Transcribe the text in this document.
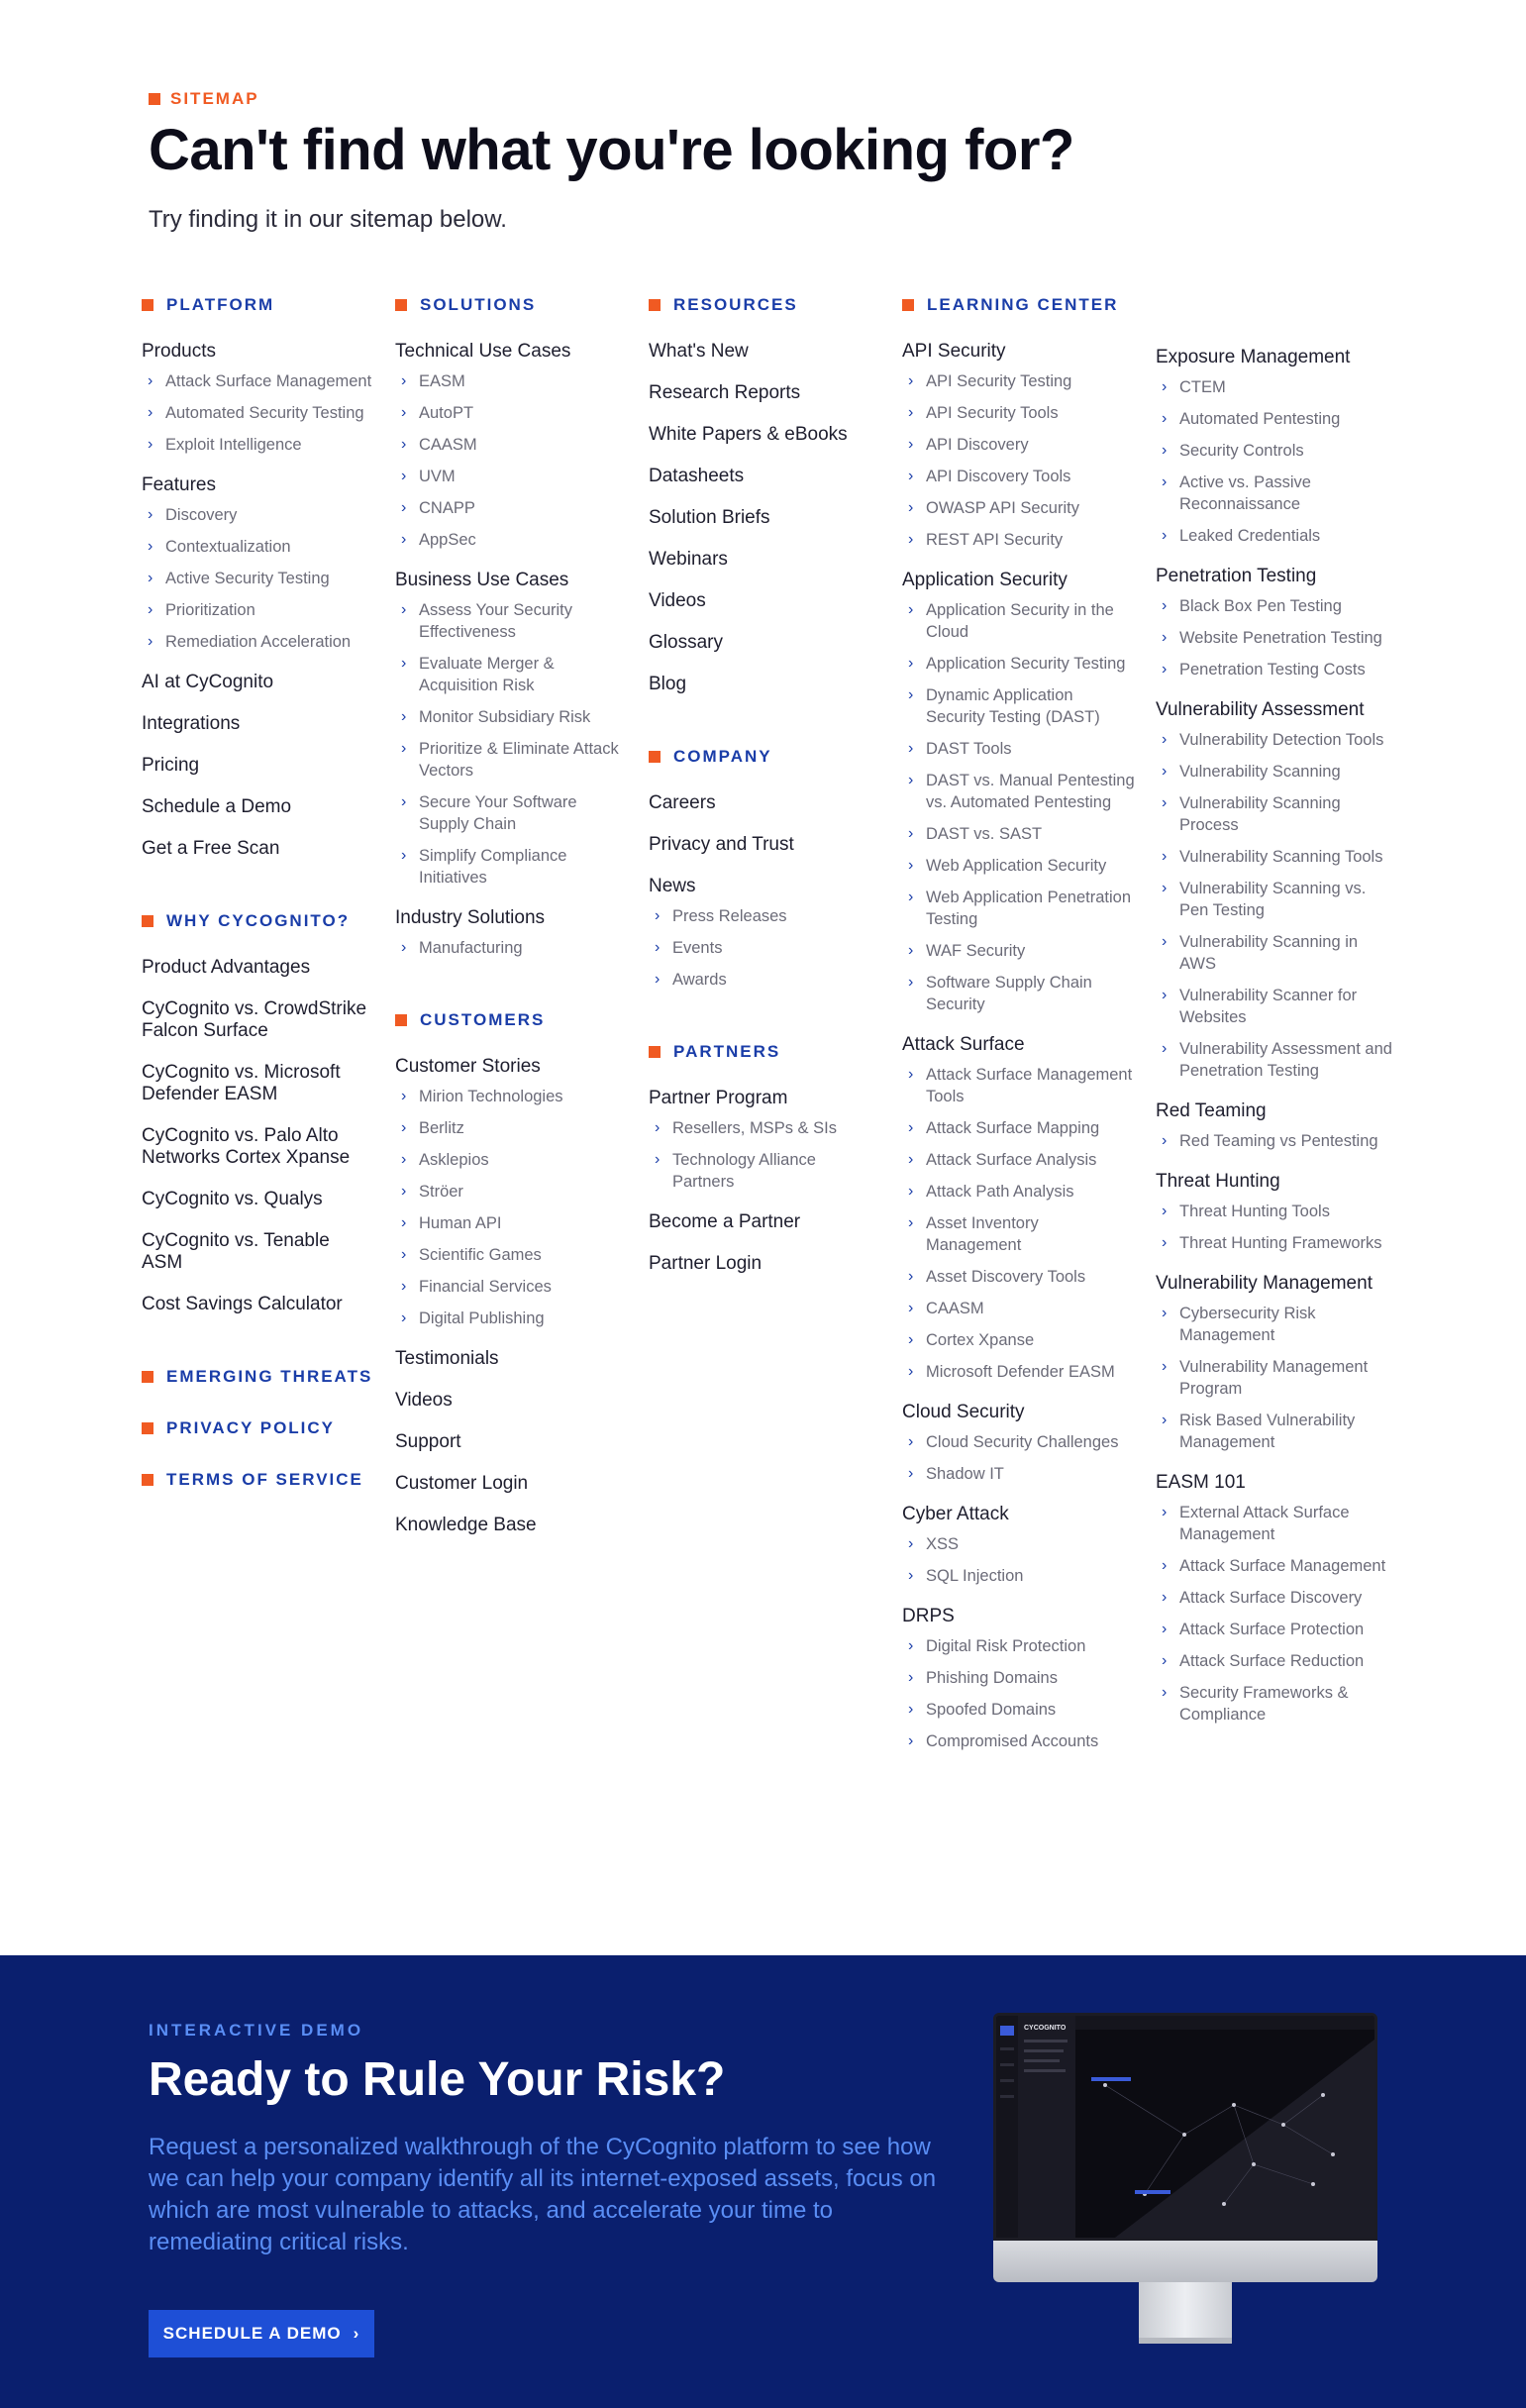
SITEMAP
Can't find what you're looking for?

Try finding it in our sitemap below.

PLATFORM
Products
› Attack Surface Management
› Automated Security Testing
› Exploit Intelligence
Features
› Discovery
› Contextualization
› Active Security Testing
› Prioritization
› Remediation Acceleration
AI at CyCognito
Integrations
Pricing
Schedule a Demo
Get a Free Scan
WHY CYCOGNITO?
Product Advantages
CyCognito vs. CrowdStrike Falcon Surface
CyCognito vs. Microsoft Defender EASM
CyCognito vs. Palo Alto Networks Cortex Xpanse
CyCognito vs. Qualys
CyCognito vs. Tenable ASM
Cost Savings Calculator
EMERGING THREATS
PRIVACY POLICY
TERMS OF SERVICE
SOLUTIONS
Technical Use Cases
› EASM
› AutoPT
› CAASM
› UVM
› CNAPP
› AppSec
Business Use Cases
› Assess Your Security Effectiveness
› Evaluate Merger & Acquisition Risk
› Monitor Subsidiary Risk
› Prioritize & Eliminate Attack Vectors
› Secure Your Software Supply Chain
› Simplify Compliance Initiatives
Industry Solutions
› Manufacturing
CUSTOMERS
Customer Stories
› Mirion Technologies
› Berlitz
› Asklepios
› Ströer
› Human API
› Scientific Games
› Financial Services
› Digital Publishing
Testimonials
Videos
Support
Customer Login
Knowledge Base
RESOURCES
What's New
Research Reports
White Papers & eBooks
Datasheets
Solution Briefs
Webinars
Videos
Glossary
Blog
COMPANY
Careers
Privacy and Trust
News
› Press Releases
› Events
› Awards
PARTNERS
Partner Program
› Resellers, MSPs & SIs
› Technology Alliance Partners
Become a Partner
Partner Login
LEARNING CENTER
API Security
› API Security Testing
› API Security Tools
› API Discovery
› API Discovery Tools
› OWASP API Security
› REST API Security
Application Security
› Application Security in the Cloud
› Application Security Testing
› Dynamic Application Security Testing (DAST)
› DAST Tools
› DAST vs. Manual Pentesting vs. Automated Pentesting
› DAST vs. SAST
› Web Application Security
› Web Application Penetration Testing
› WAF Security
› Software Supply Chain Security
Attack Surface
› Attack Surface Management Tools
› Attack Surface Mapping
› Attack Surface Analysis
› Attack Path Analysis
› Asset Inventory Management
› Asset Discovery Tools
› CAASM
› Cortex Xpanse
› Microsoft Defender EASM
Cloud Security
› Cloud Security Challenges
› Shadow IT
Cyber Attack
› XSS
› SQL Injection
DRPS
› Digital Risk Protection
› Phishing Domains
› Spoofed Domains
› Compromised Accounts
Exposure Management
› CTEM
› Automated Pentesting
› Security Controls
› Active vs. Passive Reconnaissance
› Leaked Credentials
Penetration Testing
› Black Box Pen Testing
› Website Penetration Testing
› Penetration Testing Costs
Vulnerability Assessment
› Vulnerability Detection Tools
› Vulnerability Scanning
› Vulnerability Scanning Process
› Vulnerability Scanning Tools
› Vulnerability Scanning vs. Pen Testing
› Vulnerability Scanning in AWS
› Vulnerability Scanner for Websites
› Vulnerability Assessment and Penetration Testing
Red Teaming
› Red Teaming vs Pentesting
Threat Hunting
› Threat Hunting Tools
› Threat Hunting Frameworks
Vulnerability Management
› Cybersecurity Risk Management
› Vulnerability Management Program
› Risk Based Vulnerability Management
EASM 101
› External Attack Surface Management
› Attack Surface Management
› Attack Surface Discovery
› Attack Surface Protection
› Attack Surface Reduction
› Security Frameworks & Compliance
INTERACTIVE DEMO
Ready to Rule Your Risk?

Request a personalized walkthrough of the CyCognito platform to see how we can help your company identify all its internet-exposed assets, focus on which are most vulnerable to attacks, and accelerate your time to remediating critical risks.

SCHEDULE A DEMO ›
CYCOGNITO
